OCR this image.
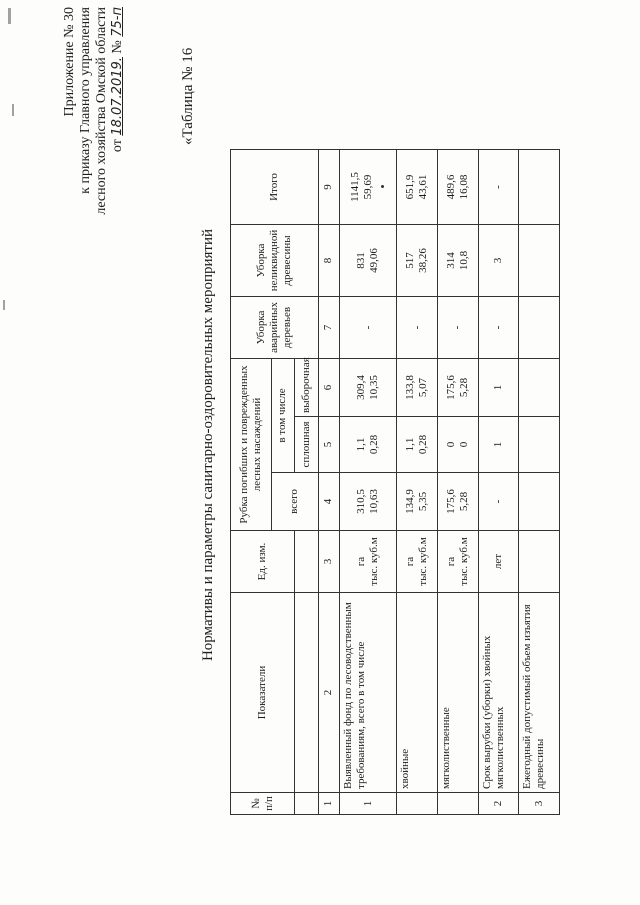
Приложение № 30 к приказу Главного управления лесного хозяйства Омской области от 18.07.2019. № 75-п
«Таблица № 16
Нормативы и параметры санитарно-оздоровительных мероприятий
№ п/п	Показатели	Ед. изм.	Рубка погибших и поврежденных лесных насаждений			Уборка аварийных деревьев	Уборка неликвидной древесины	Итого
			всего	в том числе				
				сплошная	выборочная			
1	2	3	4	5	6	7	8	9
1	Выявленный фонд по лесоводственным требованиям, всего в том числе	га тыс. куб.м	310,5 10,63	1,1 0,28	309,4 10,35	-	831 49,06	1141,5 59,69

	хвойные	га тыс. куб.м	134,9 5,35	1,1 0,28	133,8 5,07	-	517 38,26	651,9 43,61

	мягколиственные	га тыс. куб.м	175,6 5,28	0 0	175,6 5,28	-	314 10,8	489,6 16,08

2	Срок вырубки (уборки) хвойных мягколиственных	лет	-	1	1	-	3	-
3	Ежегодный допустимый объем изъятия древесины							
